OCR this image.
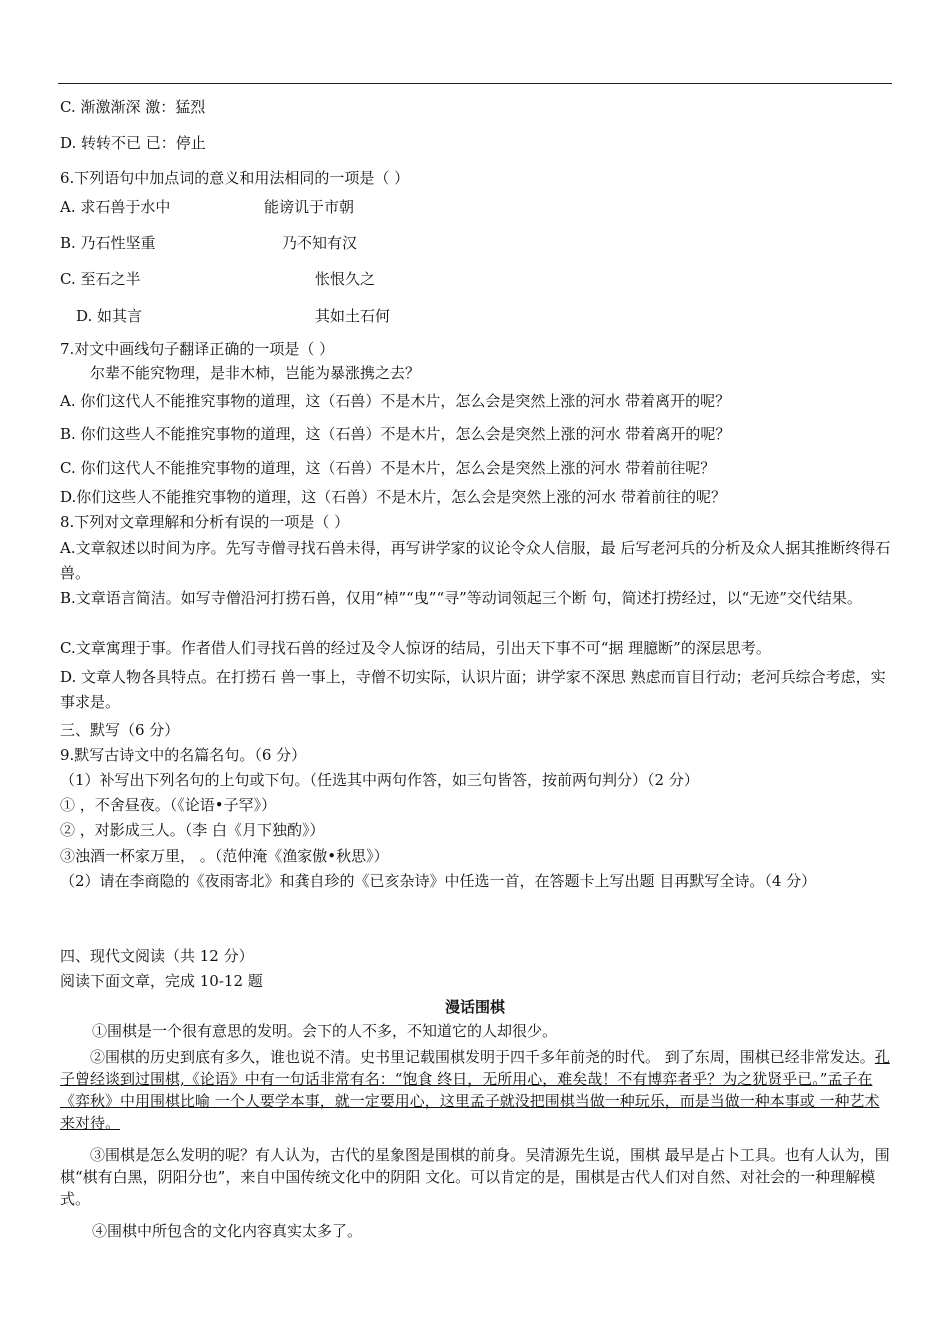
C. 渐激渐深 激：猛烈
D. 转转不已 已：停止
6.下列语句中加点词的意义和用法相同的一项是（ ）
A. 求石兽于水中	能谤讥于市朝
B. 乃石性坚重	乃不知有汉
C. 至石之半	怅恨久之
D. 如其言	其如土石何
7.对文中画线句子翻译正确的一项是（ ）
尔辈不能究物理，是非木柿，岂能为暴涨携之去？
A. 你们这代人不能推究事物的道理，这（石兽）不是木片，怎么会是突然上涨的河水 带着离开的呢？
B. 你们这些人不能推究事物的道理，这（石兽）不是木片，怎么会是突然上涨的河水 带着离开的呢？
C. 你们这代人不能推究事物的道理，这（石兽）不是木片，怎么会是突然上涨的河水 带着前往呢？
D.你们这些人不能推究事物的道理，这（石兽）不是木片，怎么会是突然上涨的河水 带着前往的呢？
8.下列对文章理解和分析有误的一项是（ ）
A.文章叙述以时间为序。先写寺僧寻找石兽未得，再写讲学家的议论令众人信服，最 后写老河兵的分析及众人据其推断终得石兽。
B.文章语言简洁。如写寺僧沿河打捞石兽，仅用“棹”“曳”“寻”等动词领起三个断 句，简述打捞经过，以“无迹”交代结果。
C.文章寓理于事。作者借人们寻找石兽的经过及令人惊讶的结局，引出天下事不可“据 理臆断”的深层思考。
D. 文章人物各具特点。在打捞石 兽一事上，寺僧不切实际，认识片面；讲学家不深思 熟虑而盲目行动；老河兵综合考虑，实事求是。
三、默写（6 分）
9.默写古诗文中的名篇名句。（6 分）
（1）补写出下列名句的上句或下句。（任选其中两句作答，如三句皆答，按前两句判分）（2 分）
① ，不舍昼夜。（《论语•子罕》）
② ，对影成三人。（李 白《月下独酌》）
③浊酒一杯家万里， 。（范仲淹《渔家傲•秋思》）
（2）请在李商隐的《夜雨寄北》和龚自珍的《已亥杂诗》中任选一首，在答题卡上写出题 目再默写全诗。（4 分）
四、现代文阅读（共 12 分）
阅读下面文章，完成 10-12 题
漫话围棋
①围棋是一个很有意思的发明。会下的人不多，不知道它的人却很少。
②围棋的历史到底有多久，谁也说不清。史书里记载围棋发明于四千多年前尧的时代。 到了东周，围棋已经非常发达。孔子曾经谈到过围棋,《论语》中有一句话非常有名：“饱食 终日，无所用心，难矣哉！不有博弈者乎？为之犹贤乎已。”孟子在《弈秋》中用围棋比喻 一个人要学本事，就一定要用心，这里孟子就没把围棋当做一种玩乐，而是当做一种本事或 一种艺术来对待。
③围棋是怎么发明的呢？有人认为，古代的星象图是围棋的前身。吴清源先生说，围棋 最早是占卜工具。也有人认为，围棋“棋有白黑，阴阳分也”，来自中国传统文化中的阴阳 文化。可以肯定的是，围棋是古代人们对自然、对社会的一种理解模式。
④围棋中所包含的文化内容真实太多了。
